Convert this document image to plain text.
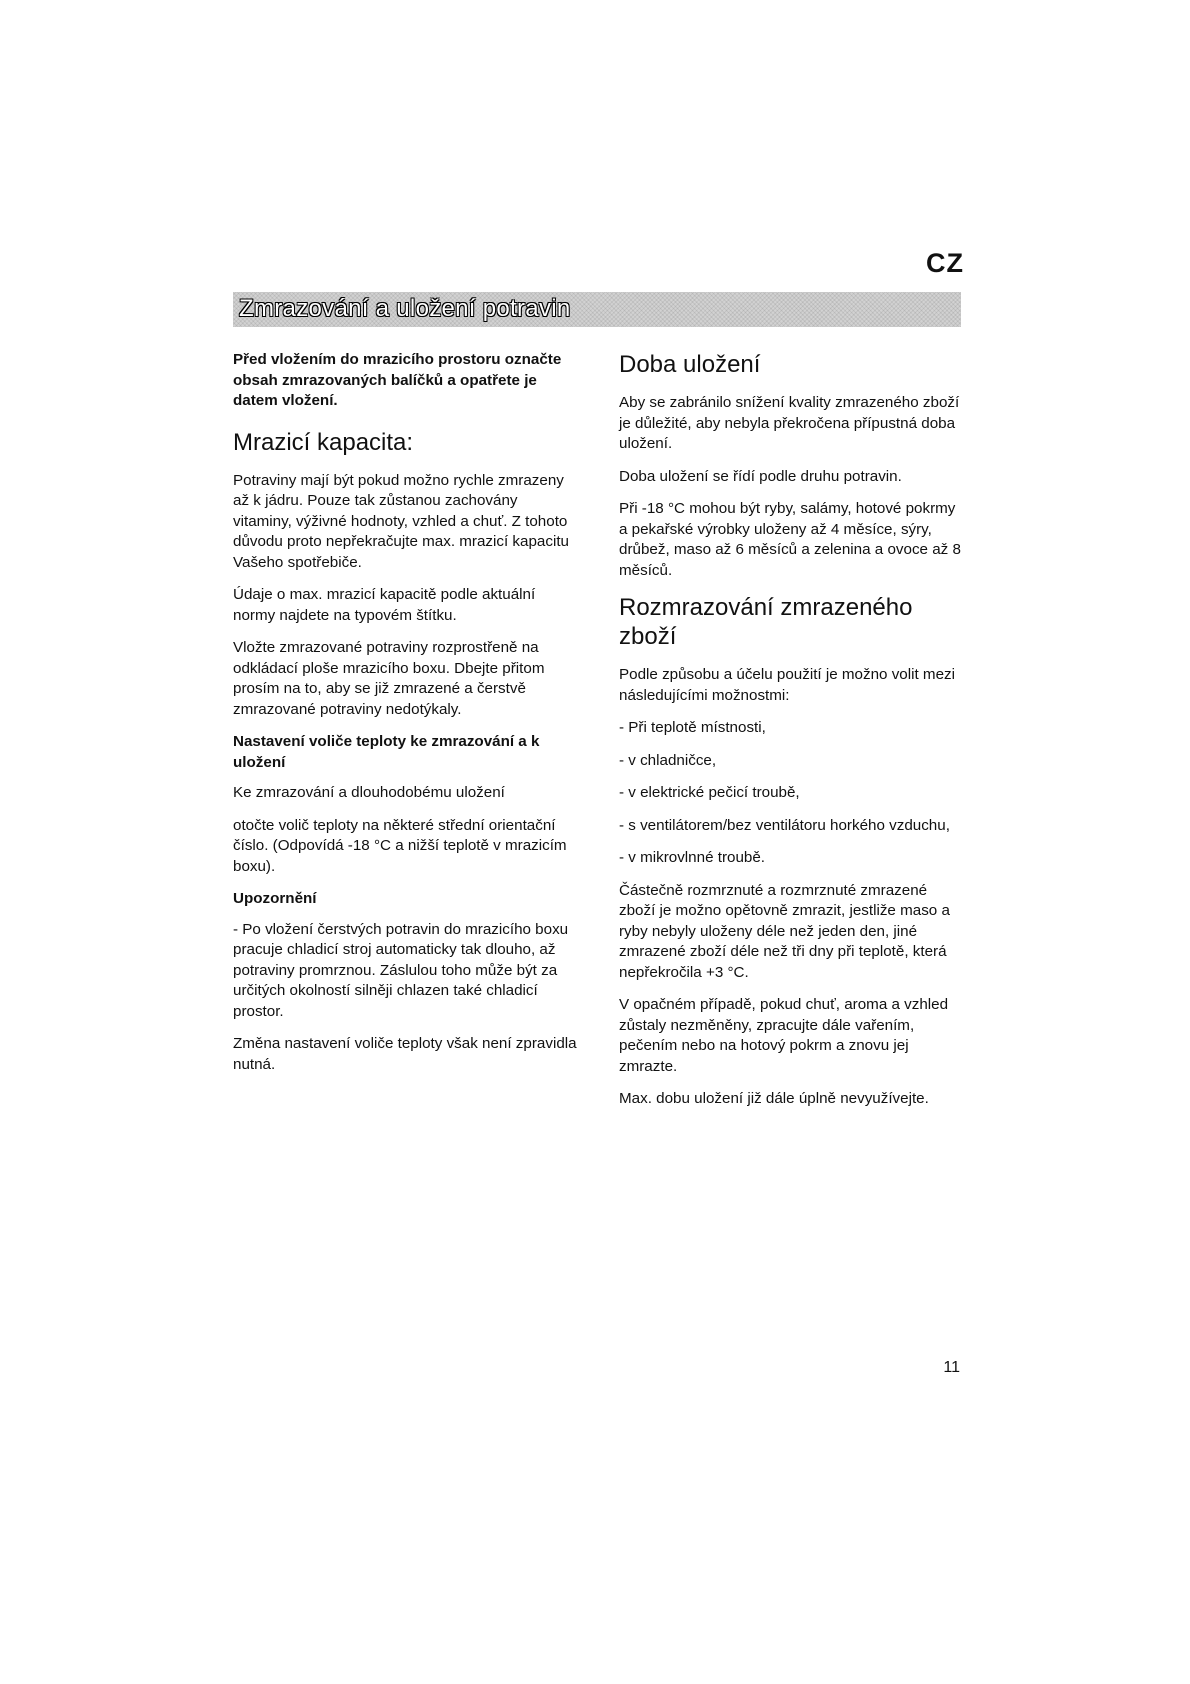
CZ
Zmrazování a uložení potravin

Před vložením do mrazicího prostoru označte obsah zmrazovaných balíčků a opatřete je datem vložení.

Mrazicí kapacita:

Potraviny mají být pokud možno rychle zmrazeny až k jádru. Pouze tak zůstanou zachovány vitaminy, výživné hodnoty, vzhled a chuť. Z tohoto důvodu proto nepřekračujte max. mrazicí kapacitu Vašeho spotřebiče.

Údaje o max. mrazicí kapacitě podle aktuální normy najdete na typovém štítku.

Vložte zmrazované potraviny rozprostřeně na odkládací ploše mrazicího boxu. Dbejte přitom prosím na to, aby se již zmrazené a čerstvě zmrazované potraviny nedotýkaly.

Nastavení voliče teploty ke zmrazování a k uložení

Ke zmrazování a dlouhodobému uložení

otočte volič teploty na některé střední orientační číslo. (Odpovídá -18 °C a nižší teplotě v mrazicím boxu).

Upozornění

- Po vložení čerstvých potravin do mrazicího boxu pracuje chladicí stroj automaticky tak dlouho, až potraviny promrznou. Záslulou toho může být za určitých okolností silněji chlazen také chladicí prostor.

Změna nastavení voliče teploty však není zpravidla nutná.

Doba uložení

Aby se zabránilo snížení kvality zmrazeného zboží je důležité, aby nebyla překročena přípustná doba uložení.

Doba uložení se řídí podle druhu potravin.

Při -18 °C mohou být ryby, salámy, hotové pokrmy a pekařské výrobky uloženy až 4 měsíce, sýry, drůbež, maso až 6 měsíců a zelenina a ovoce až 8 měsíců.

Rozmrazování zmrazeného zboží

Podle způsobu a účelu použití je možno volit mezi následujícími možnostmi:

- Při teplotě místnosti,

- v chladničce,

- v elektrické pečicí troubě,

- s ventilátorem/bez ventilátoru horkého vzduchu,

- v mikrovlnné troubě.

Částečně rozmrznuté a rozmrznuté zmrazené zboží je možno opětovně zmrazit, jestliže maso a ryby nebyly uloženy déle než jeden den, jiné zmrazené zboží déle než tři dny při teplotě, která nepřekročila +3 °C.

V opačném případě, pokud chuť, aroma a vzhled zůstaly nezměněny, zpracujte dále vařením, pečením nebo na hotový pokrm a znovu jej zmrazte.

Max. dobu uložení již dále úplně nevyužívejte.

11
